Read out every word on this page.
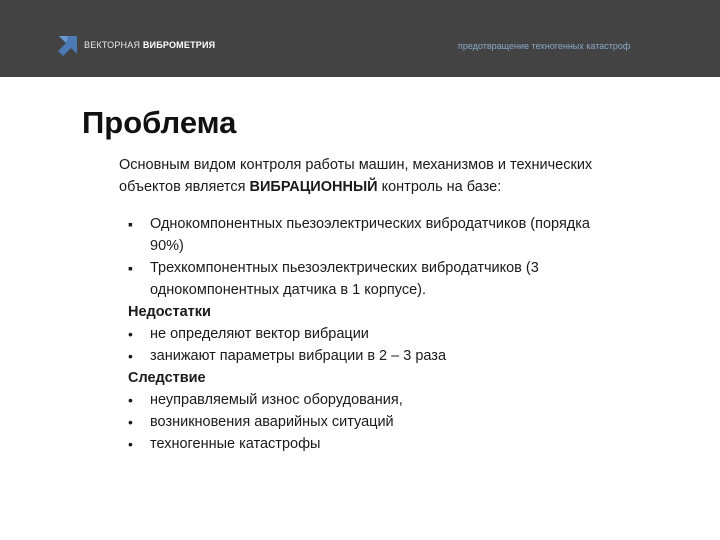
ВЕКТОРНАЯ ВИБРОМЕТРИЯ	предотвращение техногенных катастроф
Проблема
Основным видом контроля работы машин, механизмов и технических
объектов является ВИБРАЦИОННЫЙ контроль на базе:
▪
Однокомпонентных пьезоэлектрических вибродатчиков (порядка
90%)
▪
Трехкомпонентных пьезоэлектрических вибродатчиков (3
однокомпонентных датчика в 1 корпусе).
Недостатки
•
не определяют вектор вибрации
•
занижают параметры вибрации в 2 – 3 раза
Следствие
•
неуправляемый износ оборудования,
•
возникновения аварийных ситуаций
•
техногенные катастрофы
